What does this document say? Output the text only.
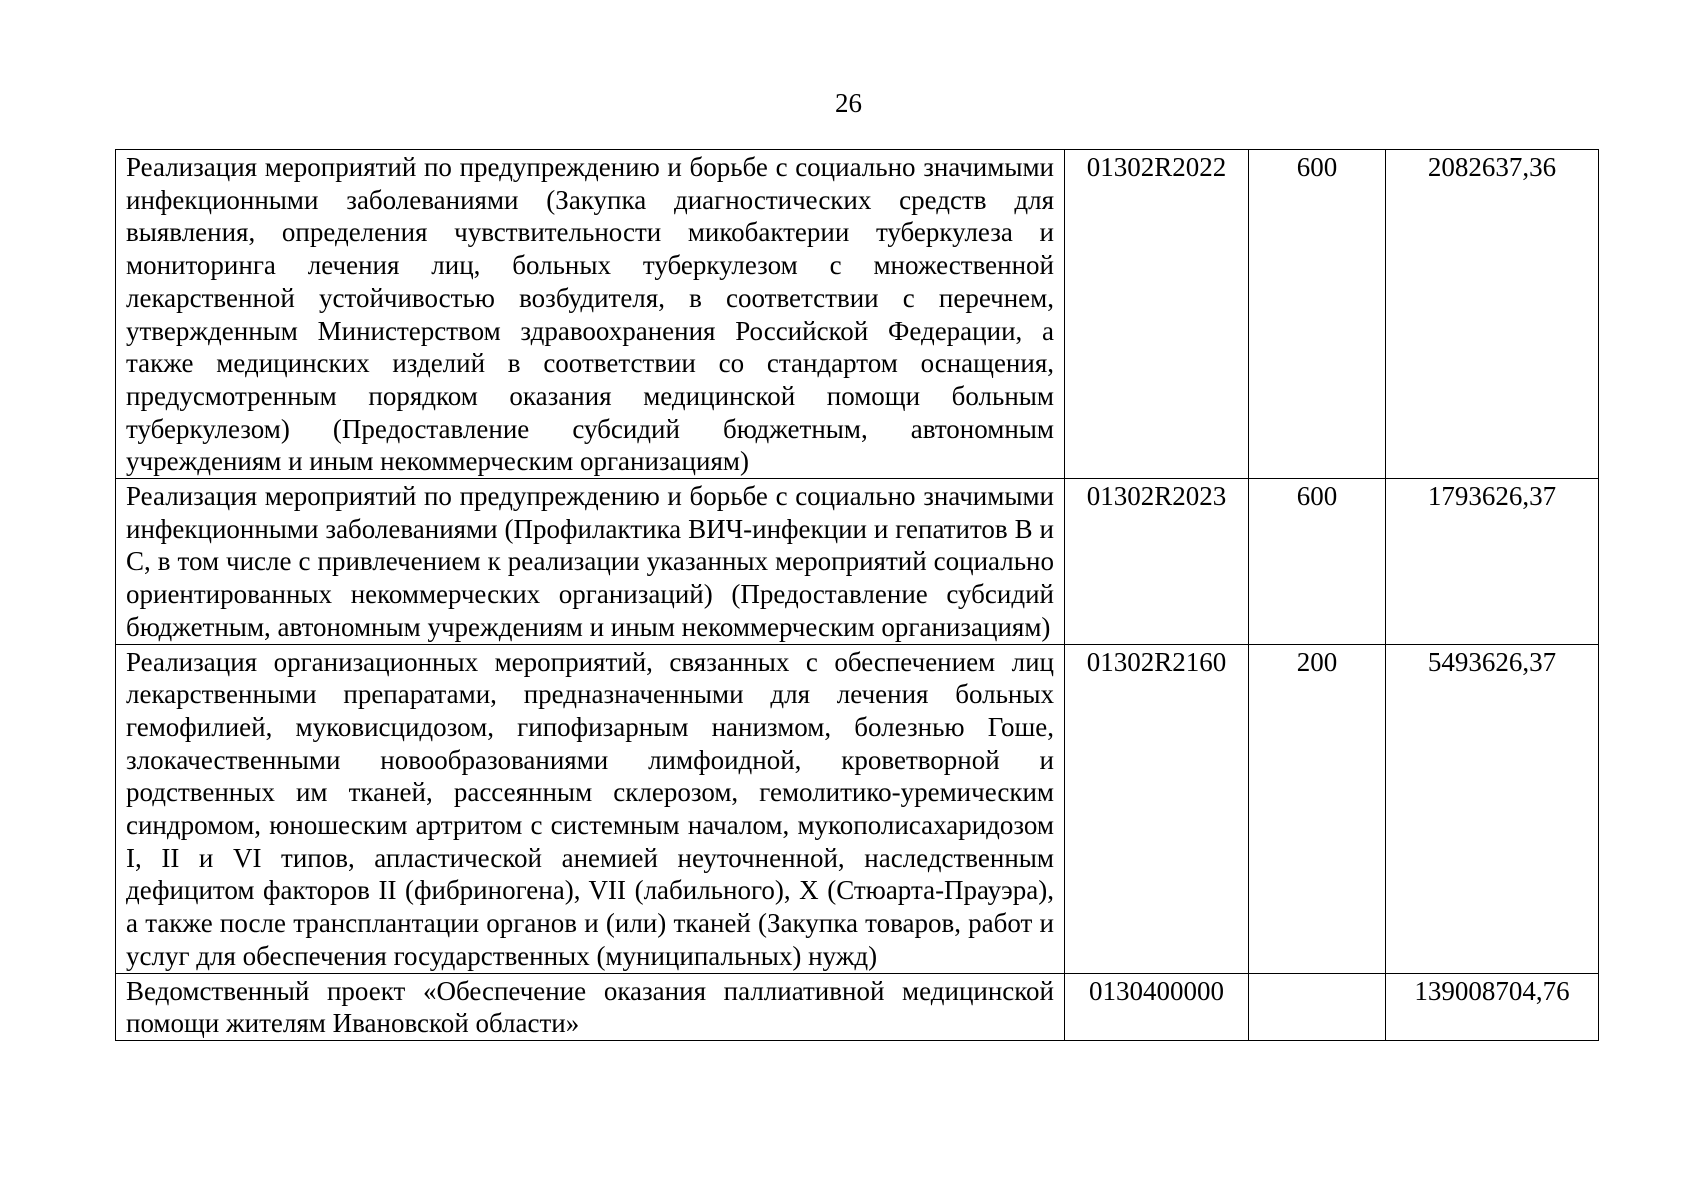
26
Реализация мероприятий по предупреждению и борьбе с социально значимыми инфекционными заболеваниями (Закупка диагностических средств для выявления, определения чувствительности микобактерии туберкулеза и мониторинга лечения лиц, больных туберкулезом с множественной лекарственной устойчивостью возбудителя, в соответствии с перечнем, утвержденным Министерством здравоохранения Российской Федерации, а также медицинских изделий в соответствии со стандартом оснащения, предусмотренным порядком оказания медицинской помощи больным туберкулезом) (Предоставление субсидий бюджетным, автономным учреждениям и иным некоммерческим организациям)	01302R2022	600	2082637,36
Реализация мероприятий по предупреждению и борьбе с социально значимыми инфекционными заболеваниями (Профилактика ВИЧ-инфекции и гепатитов B и C, в том числе с привлечением к реализации указанных мероприятий социально ориентированных некоммерческих организаций) (Предоставление субсидий бюджетным, автономным учреждениям и иным некоммерческим организациям)	01302R2023	600	1793626,37
Реализация организационных мероприятий, связанных с обеспечением лиц лекарственными препаратами, предназначенными для лечения больных гемофилией, муковисцидозом, гипофизарным нанизмом, болезнью Гоше, злокачественными новообразованиями лимфоидной, кроветворной и родственных им тканей, рассеянным склерозом, гемолитико-уремическим синдромом, юношеским артритом с системным началом, мукополисахаридозом I, II и VI типов, апластической анемией неуточненной, наследственным дефицитом факторов II (фибриногена), VII (лабильного), X (Стюарта-Прауэра), а также после трансплантации органов и (или) тканей (Закупка товаров, работ и услуг для обеспечения государственных (муниципальных) нужд)	01302R2160	200	5493626,37
Ведомственный проект «Обеспечение оказания паллиативной медицинской помощи жителям Ивановской области»	0130400000		139008704,76
